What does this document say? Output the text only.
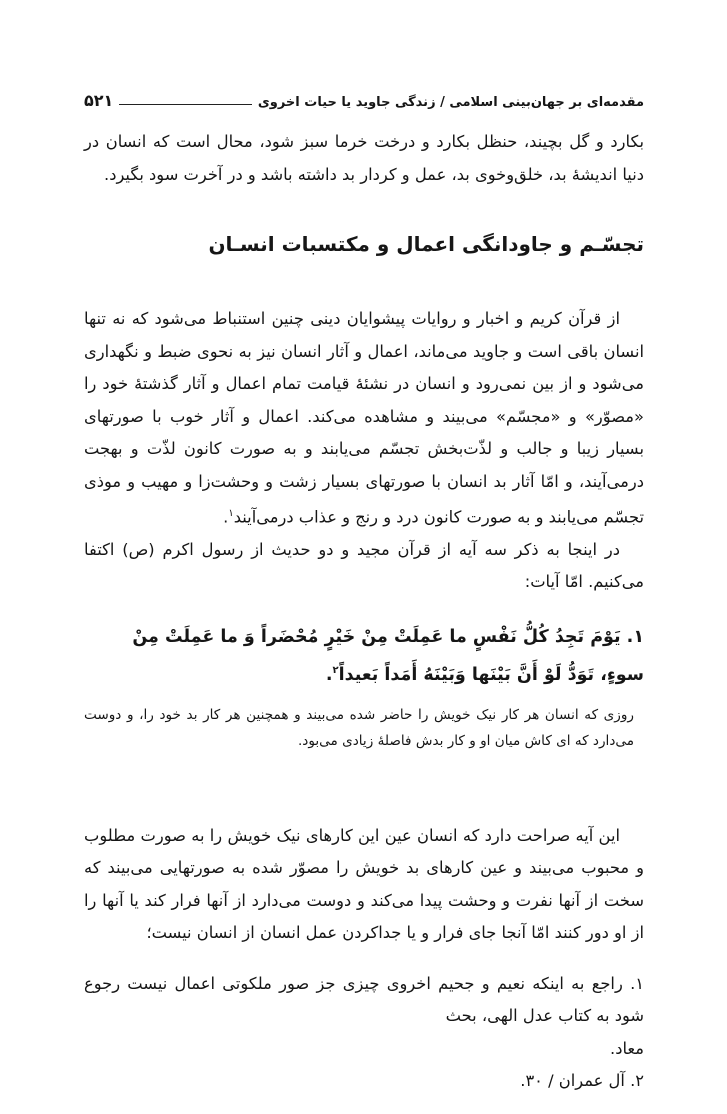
مقدمه‌ای بر جهان‌بینی اسلامی / زندگی جاوید یا حیات اخروی
۵۲۱

بکارد و گل بچیند، حنظل بکارد و درخت خرما سبز شود، محال است که انسان در دنیا اندیشهٔ بد، خلق‌وخوی بد، عمل و کردار بد داشته باشد و در آخرت سود بگیرد.

تجسّـم و جاودانگی اعمال و مکتسبات انسـان

از قرآن کریم و اخبار و روایات پیشوایان دینی چنین استنباط می‌شود که نه تنها انسان باقی است و جاوید می‌ماند، اعمال و آثار انسان نیز به نحوی ضبط و نگهداری می‌شود و از بین نمی‌رود و انسان در نشئهٔ قیامت تمام اعمال و آثار گذشتهٔ خود را «مصوّر» و «مجسّم» می‌بیند و مشاهده می‌کند. اعمال و آثار خوب با صورتهای بسیار زیبا و جالب و لذّت‌بخش تجسّم می‌یابند و به صورت کانون لذّت و بهجت درمی‌آیند، و امّا آثار بد انسان با صورتهای بسیار زشت و وحشت‌زا و مهیب و موذی تجسّم می‌یابند و به صورت کانون درد و رنج و عذاب درمی‌آیند$^۱$.

در اینجا به ذکر سه آیه از قرآن مجید و دو حدیث از رسول اکرم (ص) اکتفا می‌کنیم. امّا آیات:

۱. یَوْمَ تَجِدُ کُلُّ نَفْسٍ ما عَمِلَتْ مِنْ خَیْرٍ مُحْضَراً وَ ما عَمِلَتْ مِنْ سوءٍ، تَوَدُّ لَوْ أَنَّ بَیْنَها وَبَیْنَهُ أَمَداً بَعیداً$^۲$.

روزی که انسان هر کار نیک خویش را حاضر شده می‌بیند و همچنین هر کار بد خود را، و دوست می‌دارد که ای کاش میان او و کار بدش فاصلهٔ زیادی می‌بود.

این آیه صراحت دارد که انسان عین این کارهای نیک خویش را به صورت مطلوب و محبوب می‌بیند و عین کارهای بد خویش را مصوّر شده به صورتهایی می‌بیند که سخت از آنها نفرت و وحشت پیدا می‌کند و دوست می‌دارد از آنها فرار کند یا آنها را از او دور کنند امّا آنجا جای فرار و یا جداکردن عمل انسان از انسان نیست؛

۱. راجع به اینکه نعیم و جحیم اخروی چیزی جز صور ملکوتی اعمال نیست رجوع شود به کتاب عدل الهی، بحث

معاد.

۲. آل عمران / ۳۰.
